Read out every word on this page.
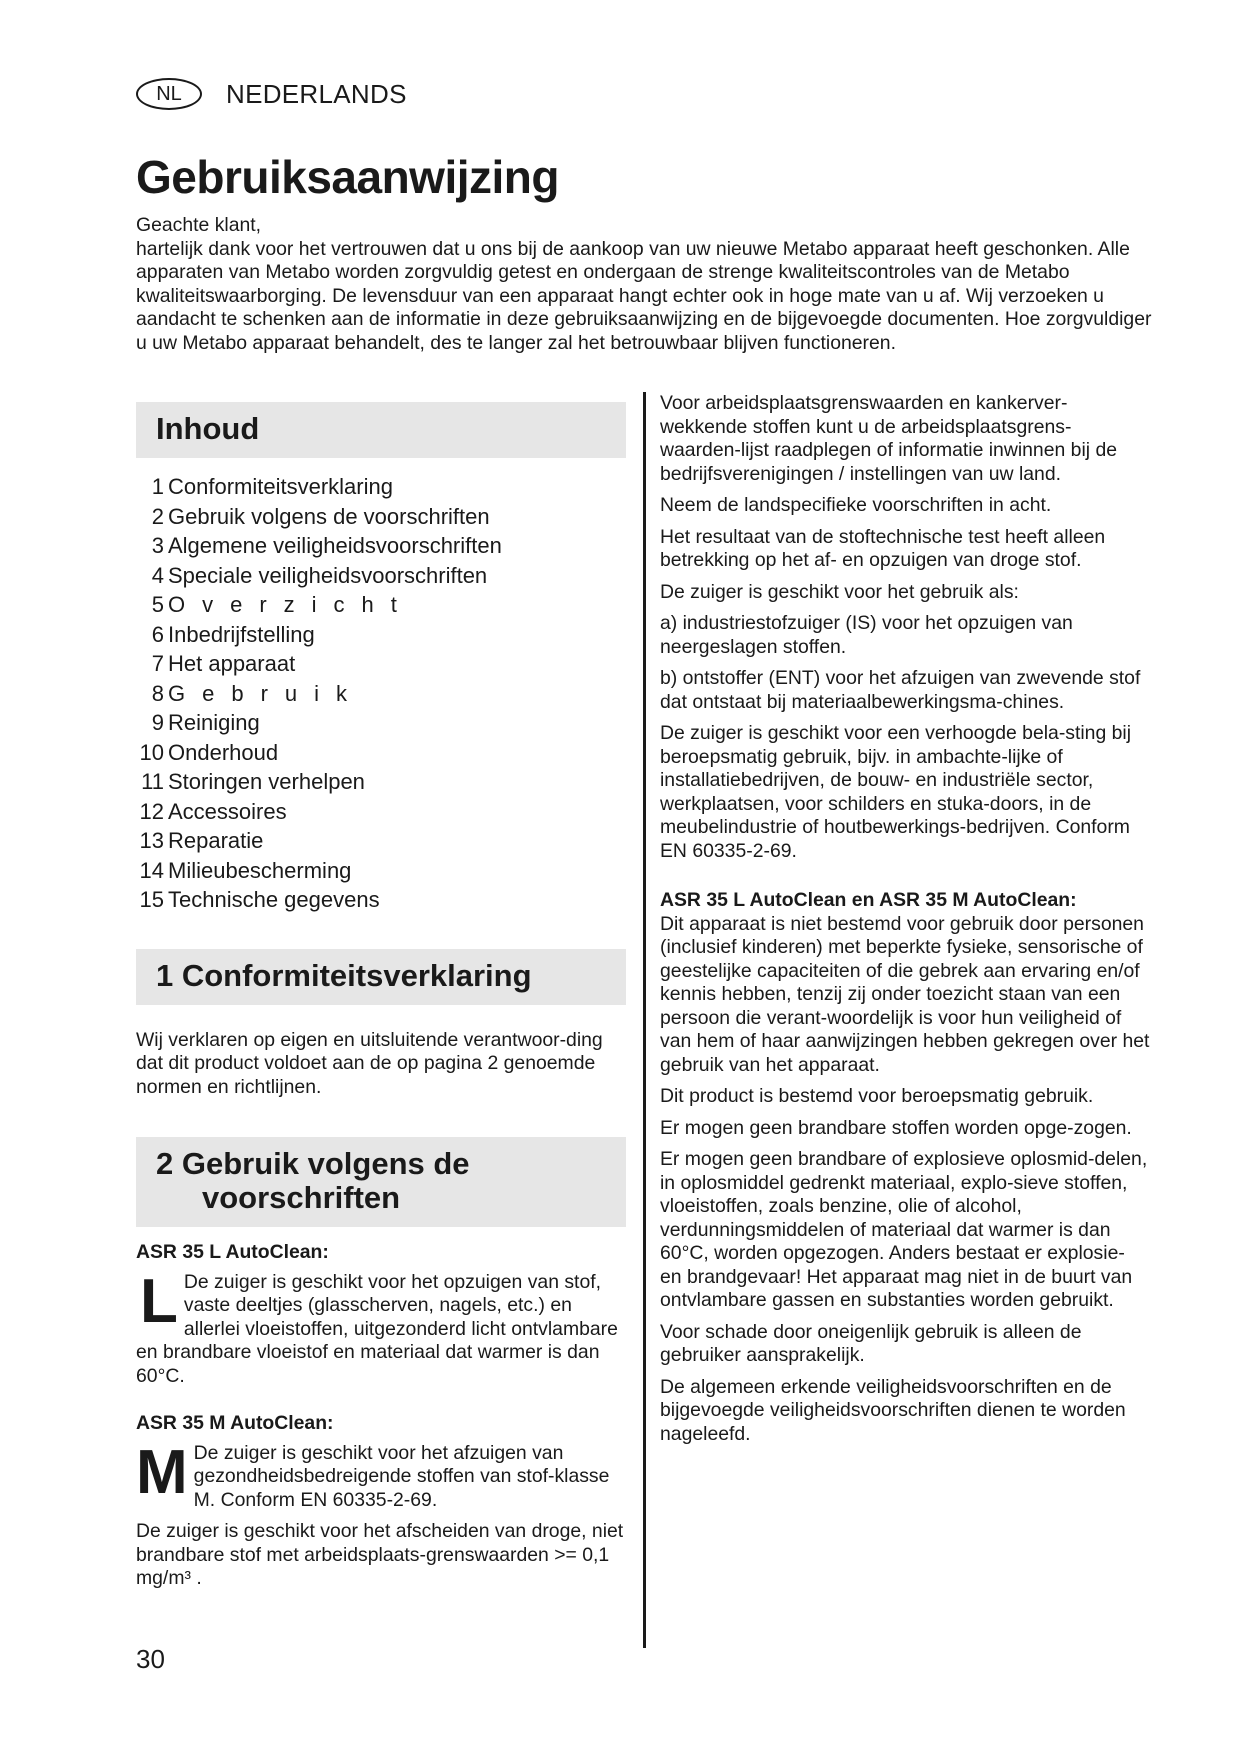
NL	NEDERLANDS
Gebruiksaanwijzing

Geachte klant,

hartelijk dank voor het vertrouwen dat u ons bij de aankoop van uw nieuwe Metabo apparaat heeft geschonken. Alle apparaten van Metabo worden zorgvuldig getest en ondergaan de strenge kwaliteitscontroles van de Metabo kwaliteitswaarborging. De levensduur van een apparaat hangt echter ook in hoge mate van u af. Wij verzoeken u aandacht te schenken aan de informatie in deze gebruiksaanwijzing en de bijgevoegde documenten. Hoe zorgvuldiger u uw Metabo apparaat behandelt, des te langer zal het betrouwbaar blijven functioneren.

Inhoud
1 Conformiteitsverklaring
2 Gebruik volgens de voorschriften
3 Algemene veiligheidsvoorschriften
4 Speciale veiligheidsvoorschriften
5 Overzicht
6 Inbedrijfstelling
7 Het apparaat
8 Gebruik
9 Reiniging
10 Onderhoud
11 Storingen verhelpen
12 Accessoires
13 Reparatie
14 Milieubescherming
15 Technische gegevens
1 Conformiteitsverklaring

Wij verklaren op eigen en uitsluitende verantwoor-ding dat dit product voldoet aan de op pagina 2 genoemde normen en richtlijnen.

2 Gebruik volgens de
voorschriften

ASR 35 L AutoClean:

L De zuiger is geschikt voor het opzuigen van stof, vaste deeltjes (glasscherven, nagels, etc.) en allerlei vloeistoffen, uitgezonderd licht ontvlambare en brandbare vloeistof en materiaal dat warmer is dan 60°C.

ASR 35 M AutoClean:

M De zuiger is geschikt voor het afzuigen van gezondheidsbedreigende stoffen van stof-klasse M. Conform EN 60335-2-69.

De zuiger is geschikt voor het afscheiden van droge, niet brandbare stof met arbeidsplaats-grenswaarden >= 0,1 mg/m³ .

Voor arbeidsplaatsgrenswaarden en kankerver-wekkende stoffen kunt u de arbeidsplaatsgrens-waarden-lijst raadplegen of informatie inwinnen bij de bedrijfsverenigingen / instellingen van uw land.

Neem de landspecifieke voorschriften in acht.

Het resultaat van de stoftechnische test heeft alleen betrekking op het af- en opzuigen van droge stof.

De zuiger is geschikt voor het gebruik als:

a) industriestofzuiger (IS) voor het opzuigen van neergeslagen stoffen.

b) ontstoffer (ENT) voor het afzuigen van zwevende stof dat ontstaat bij materiaalbewerkingsma-chines.

De zuiger is geschikt voor een verhoogde bela-sting bij beroepsmatig gebruik, bijv. in ambachte-lijke of installatiebedrijven, de bouw- en industriële sector, werkplaatsen, voor schilders en stuka-doors, in de meubelindustrie of houtbewerkings-bedrijven. Conform EN 60335-2-69.

ASR 35 L AutoClean en ASR 35 M AutoClean:

Dit apparaat is niet bestemd voor gebruik door personen (inclusief kinderen) met beperkte fysieke, sensorische of geestelijke capaciteiten of die gebrek aan ervaring en/of kennis hebben, tenzij zij onder toezicht staan van een persoon die verant-woordelijk is voor hun veiligheid of van hem of haar aanwijzingen hebben gekregen over het gebruik van het apparaat.

Dit product is bestemd voor beroepsmatig gebruik.

Er mogen geen brandbare stoffen worden opge-zogen.

Er mogen geen brandbare of explosieve oplosmid-delen, in oplosmiddel gedrenkt materiaal, explo-sieve stoffen, vloeistoffen, zoals benzine, olie of alcohol, verdunningsmiddelen of materiaal dat warmer is dan 60°C, worden opgezogen. Anders bestaat er explosie- en brandgevaar! Het apparaat mag niet in de buurt van ontvlambare gassen en substanties worden gebruikt.

Voor schade door oneigenlijk gebruik is alleen de gebruiker aansprakelijk.

De algemeen erkende veiligheidsvoorschriften en de bijgevoegde veiligheidsvoorschriften dienen te worden nageleefd.

30
